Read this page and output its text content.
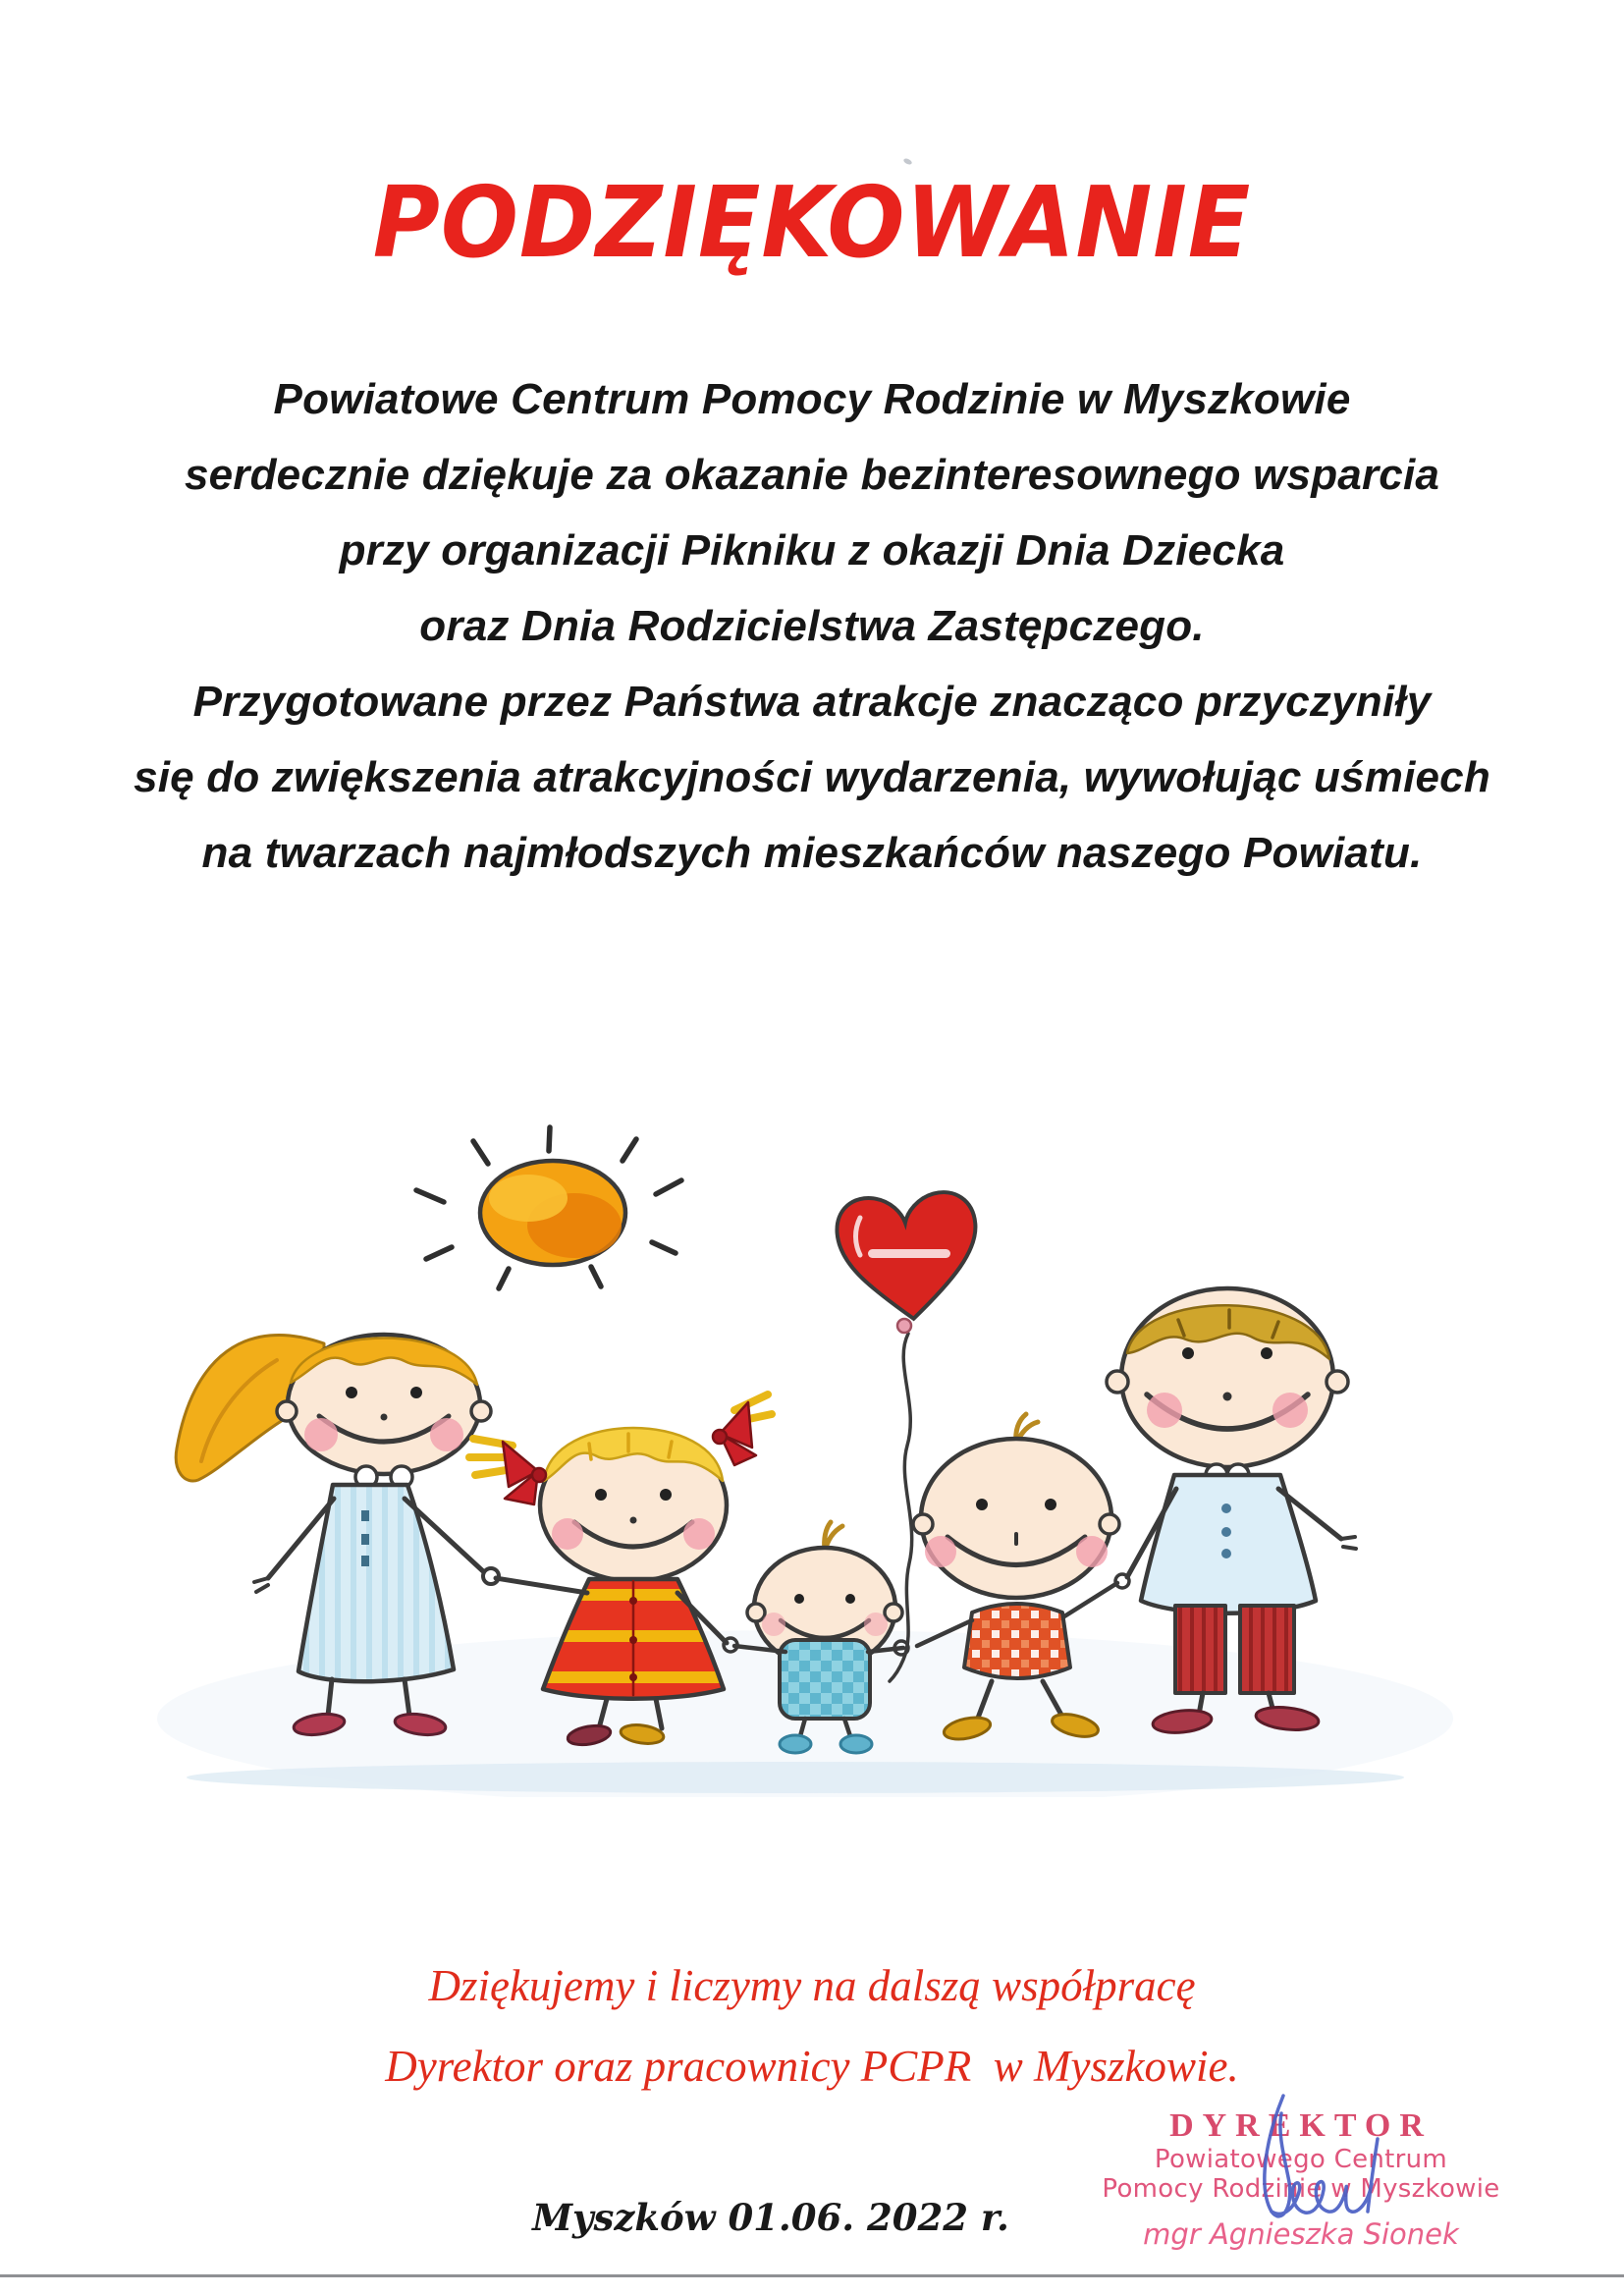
PODZIĘKOWANIE
Powiatowe Centrum Pomocy Rodzinie w Myszkowie
serdecznie dziękuje za okazanie bezinteresownego wsparcia
przy organizacji Pikniku z okazji Dnia Dziecka
oraz Dnia Rodzicielstwa Zastępczego.
Przygotowane przez Państwa atrakcje znacząco przyczyniły
się do zwiększenia atrakcyjności wydarzenia, wywołując uśmiech
na twarzach najmłodszych mieszkańców naszego Powiatu.
Dziękujemy i liczymy na dalszą współpracę
Dyrektor oraz pracownicy PCPR  w Myszkowie.
DYREKTOR
Powiatowego Centrum
Pomocy Rodzinie w Myszkowie
mgr Agnieszka Sionek
Myszków 01.06. 2022 r.
